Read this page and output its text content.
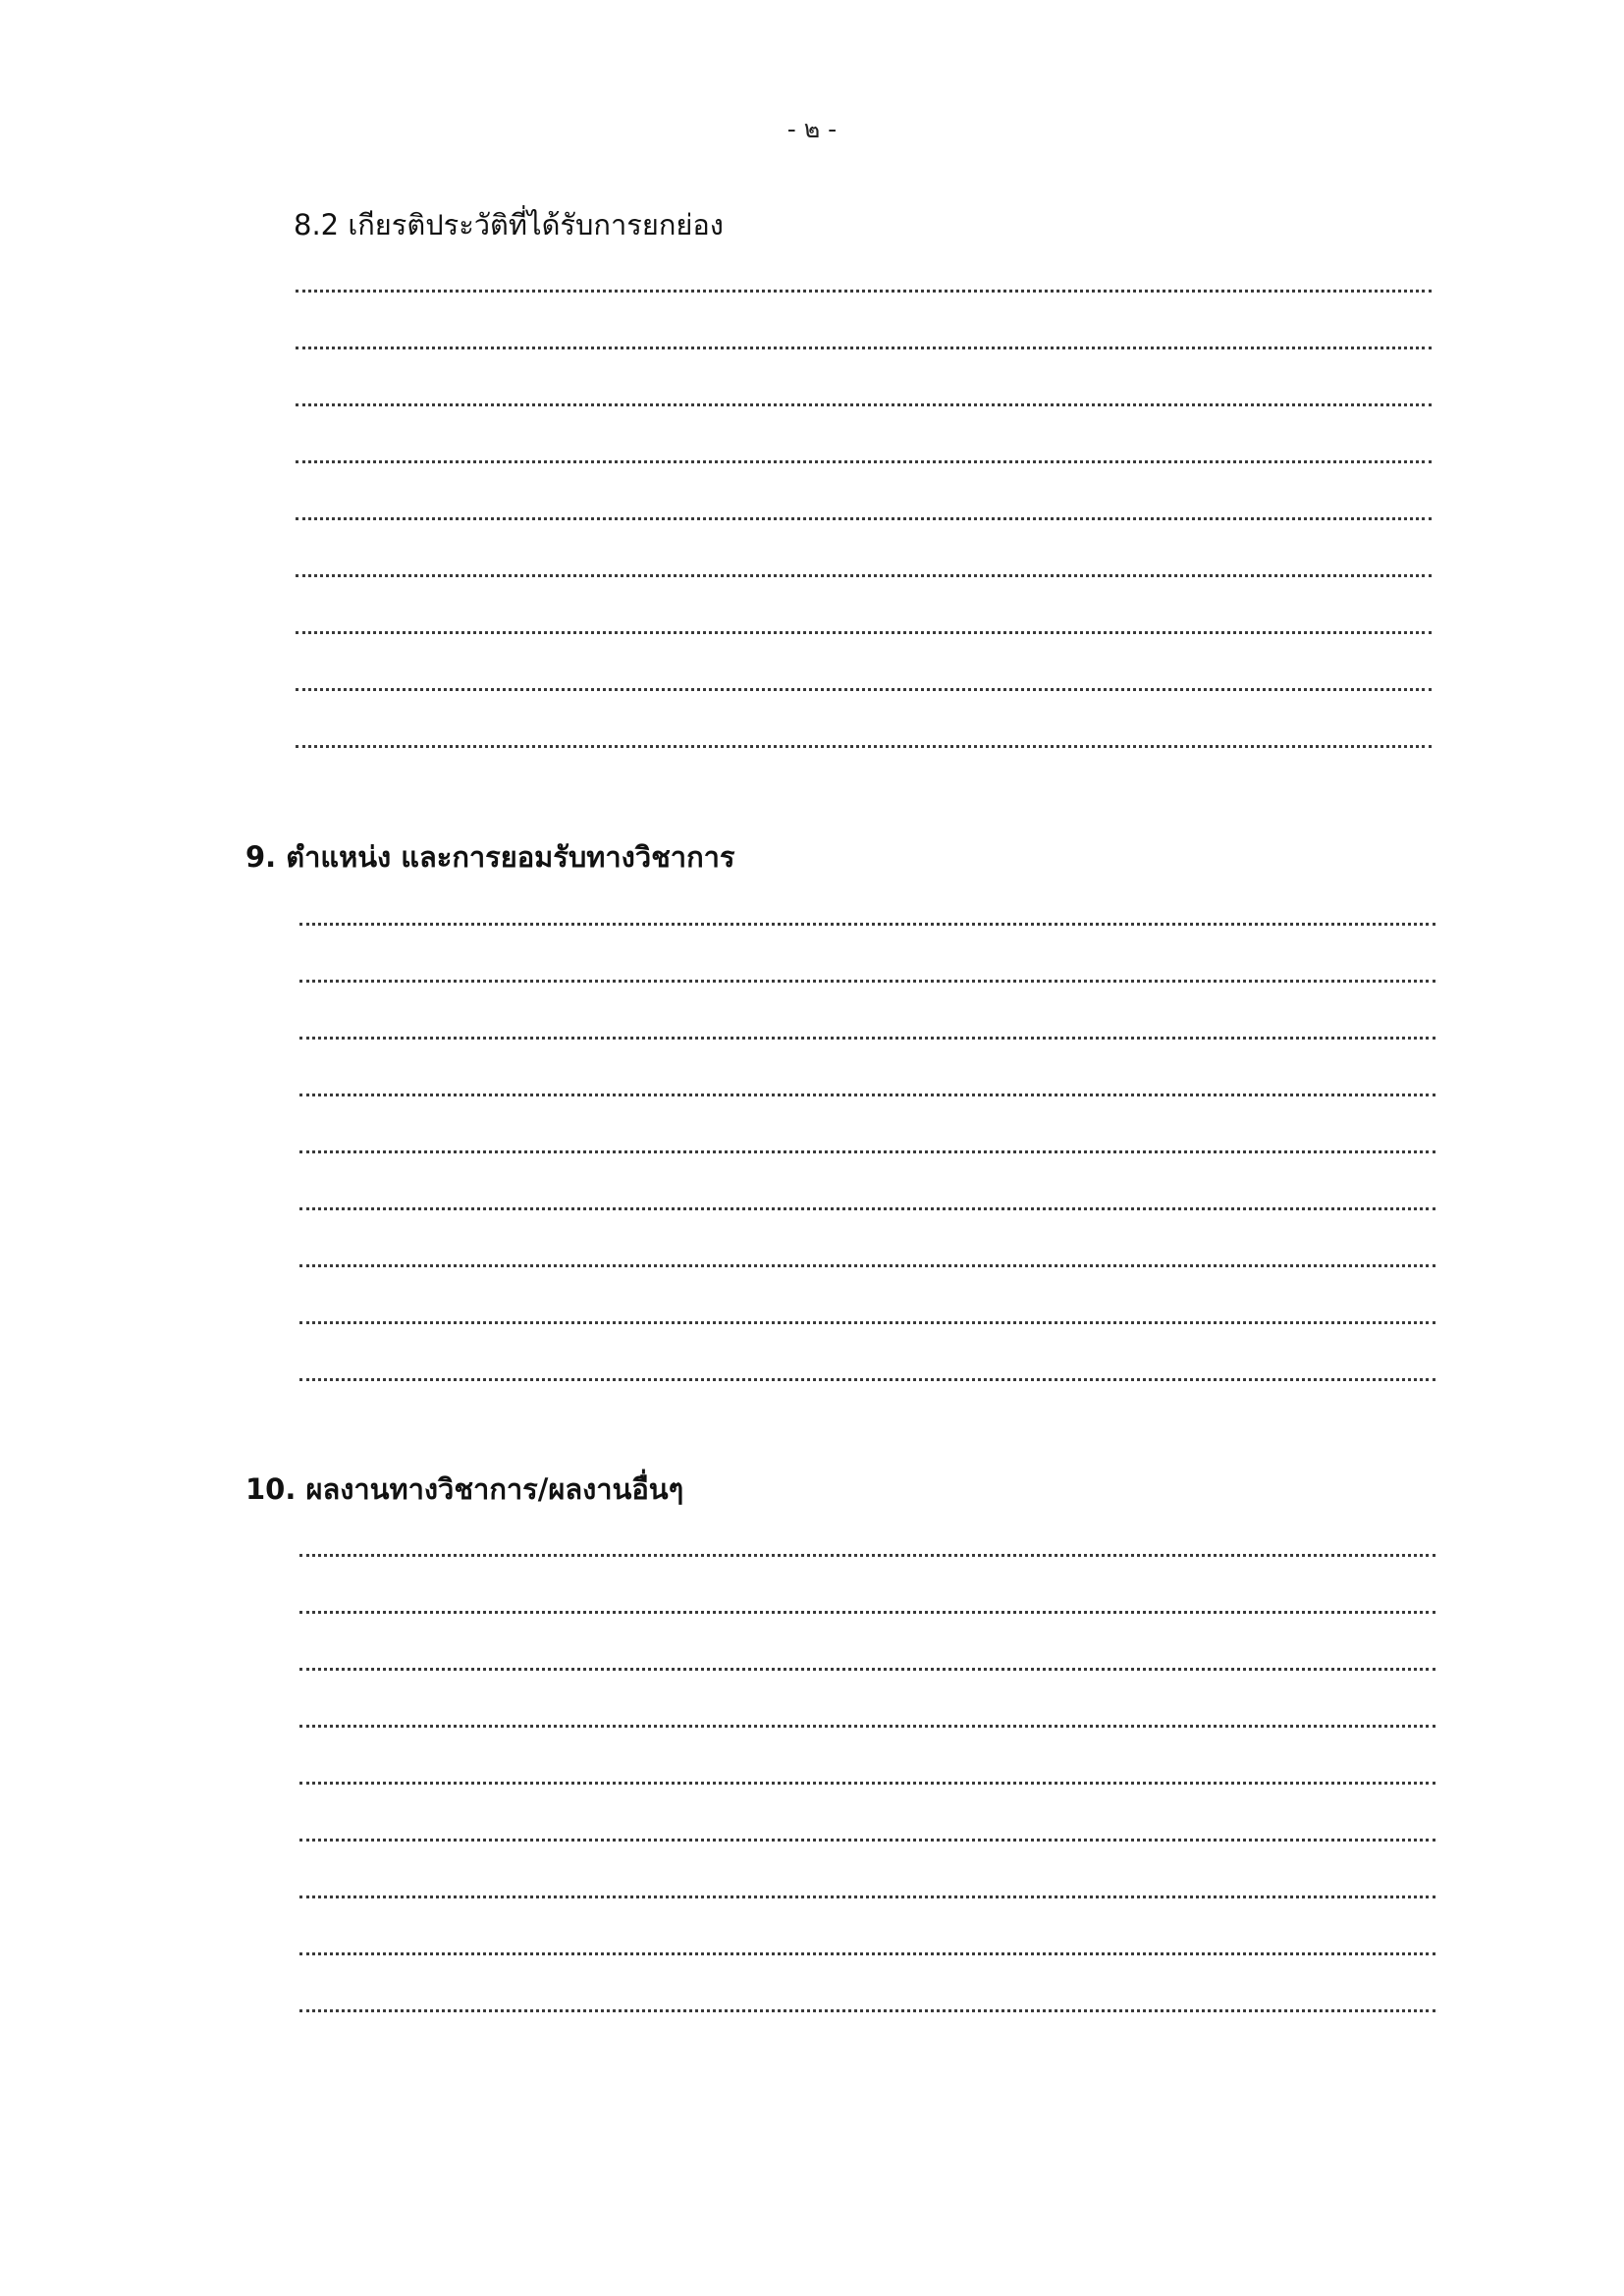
- ๒ -
8.2 เกียรติประวัติที่ได้รับการยกย่อง
9. ตำแหน่ง และการยอมรับทางวิชาการ
10. ผลงานทางวิชาการ/ผลงานอื่นๆ
